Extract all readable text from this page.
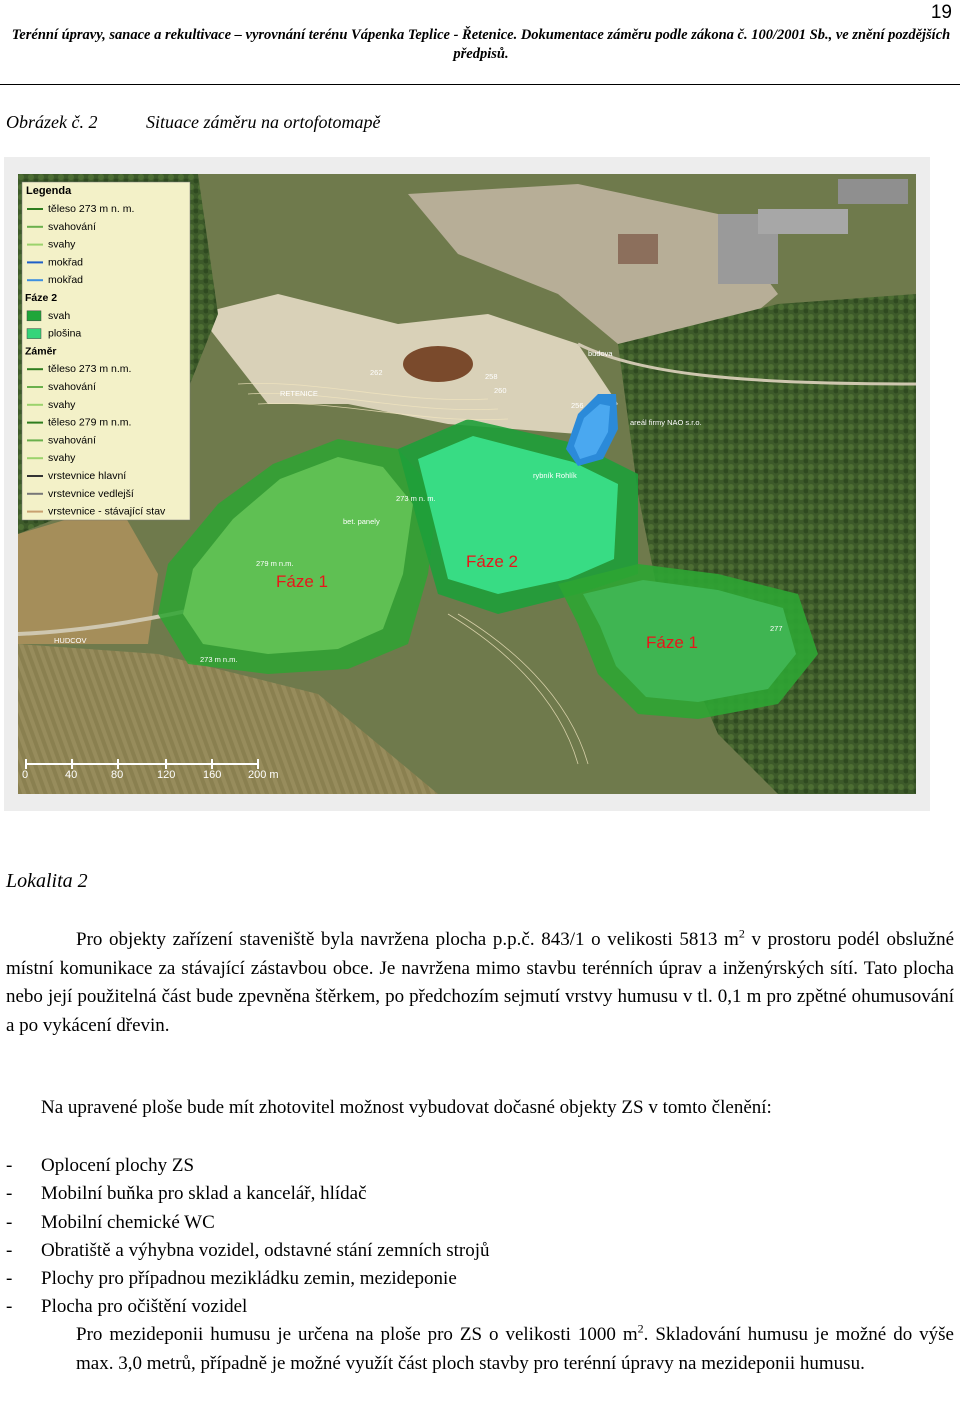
19
Terénní úpravy, sanace a rekultivace – vyrovnání terénu Vápenka Teplice - Řetenice. Dokumentace záměru podle zákona č. 100/2001 Sb., ve znění pozdějších předpisů.
Obrázek č. 2	Situace záměru na ortofotomapě
Legenda
těleso 273 m n. m.
svahování
svahy
mokřad
mokřad
Fáze 2
svah
plošina
Záměr
těleso 273 m n.m.
svahování
svahy
těleso 279 m n.m.
svahování
svahy
vrstevnice hlavní
vrstevnice vedlejší
vrstevnice - stávající stav
Fáze 1
Fáze 2
Fáze 1
budova
areál firmy NAO s.r.o.
rybník Rohlík
bet. panely
HUDCOV
RETENICE
273 m n. m.
279 m n.m.
273 m n.m.
262	258
260
256
277
0	40	80	120	160 200 m
Lokalita 2
Pro objekty zařízení staveniště byla navržena plocha p.p.č. 843/1 o velikosti 5813 $m^2$ v prostoru podél obslužné místní komunikace za stávající zástavbou obce. Je navržena mimo stavbu terénních úprav a inženýrských sítí. Tato plocha nebo její použitelná část bude zpevněna štěrkem, po předchozím sejmutí vrstvy humusu v tl. 0,1 m pro zpětné ohumusování a po vykácení dřevin.
Na upravené ploše bude mít zhotovitel možnost vybudovat dočasné objekty ZS v tomto členění:
- Oplocení plochy ZS
- Mobilní buňka pro sklad a kancelář, hlídač
- Mobilní chemické WC
- Obratiště a výhybna vozidel, odstavné stání zemních strojů
- Plochy pro případnou mezikládku zemin, mezideponie
- Plocha pro očištění vozidel
Pro mezideponii humusu je určena na ploše pro ZS o velikosti 1000 $m^2$. Skladování humusu je možné do výše max. 3,0 metrů, případně je možné využít část ploch stavby pro terénní úpravy na mezideponii humusu.
